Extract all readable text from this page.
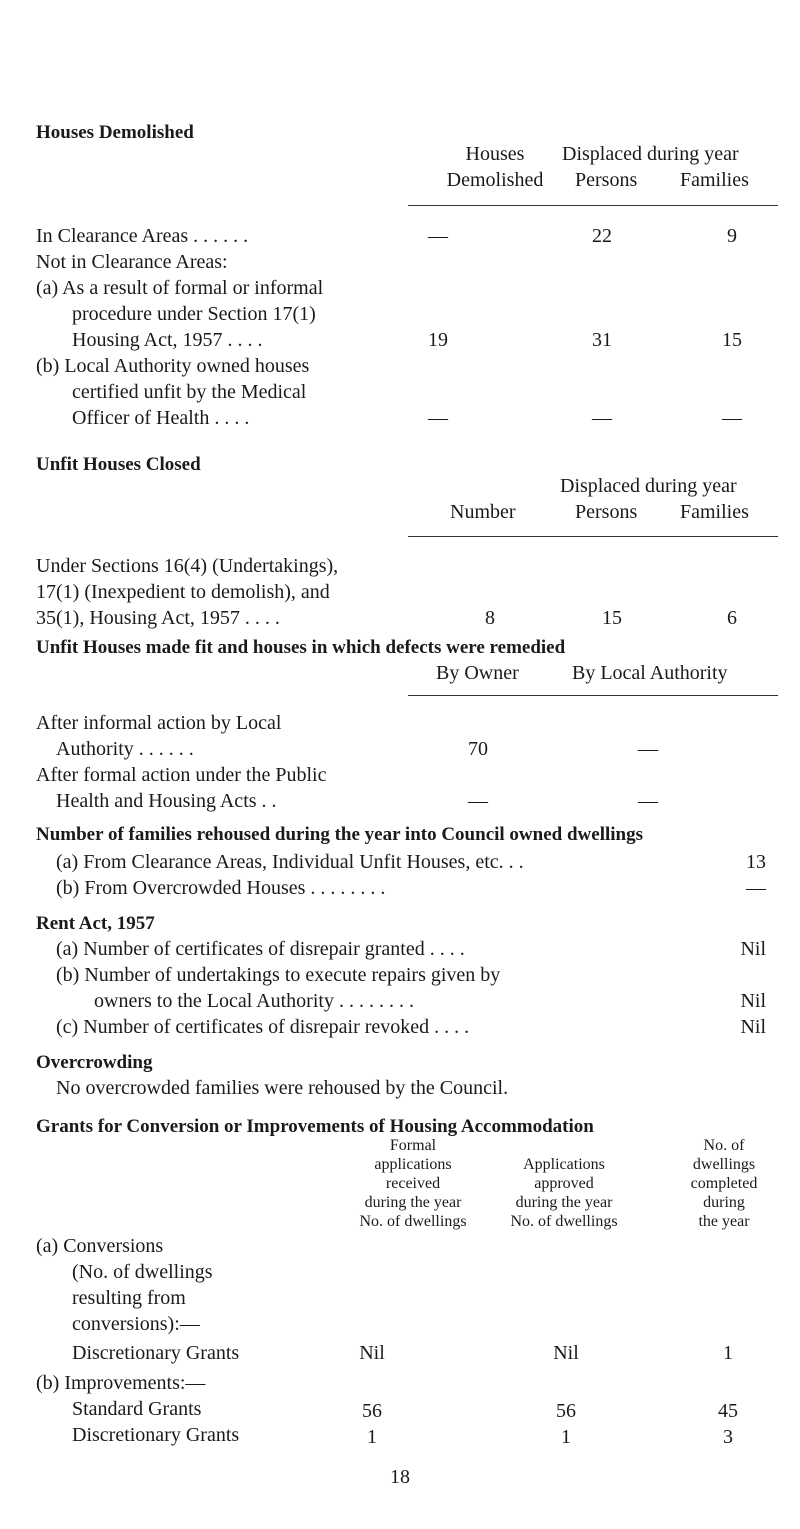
Houses Demolished
Houses
Demolished
Displaced during year
Persons Families
In Clearance Areas . . . . . .	—	22	9
Not in Clearance Areas:
(a) As a result of formal or informal
procedure under Section 17(1)
Housing Act, 1957 . . . .	19	31	15
(b) Local Authority owned houses
certified unfit by the Medical
Officer of Health . . . .	—	—	—
Unfit Houses Closed
Displaced during year
Number	Persons Families
Under Sections 16(4) (Undertakings),
17(1) (Inexpedient to demolish), and
35(1), Housing Act, 1957 . . . .	8	15	6
Unfit Houses made fit and houses in which defects were remedied
By Owner	By Local Authority
After informal action by Local
Authority . . . . . .	70	—
After formal action under the Public
Health and Housing Acts . .	—	—
Number of families rehoused during the year into Council owned dwellings
(a) From Clearance Areas, Individual Unfit Houses, etc. . .	13
(b) From Overcrowded Houses . . . . . . . .	—
Rent Act, 1957
(a) Number of certificates of disrepair granted . . . .	Nil
(b) Number of undertakings to execute repairs given by
owners to the Local Authority . . . . . . . .	Nil
(c) Number of certificates of disrepair revoked . . . .	Nil
Overcrowding
No overcrowded families were rehoused by the Council.
Grants for Conversion or Improvements of Housing Accommodation
Formal
applications
received
during the year
No. of dwellings
Applications
approved
during the year
No. of dwellings
No. of
dwellings
completed
during
the year
(a) Conversions
(No. of dwellings
resulting from
conversions):—
Discretionary Grants	Nil	Nil	1
(b) Improvements:—
Standard Grants	56	56	45
Discretionary Grants	1	1	3
18
